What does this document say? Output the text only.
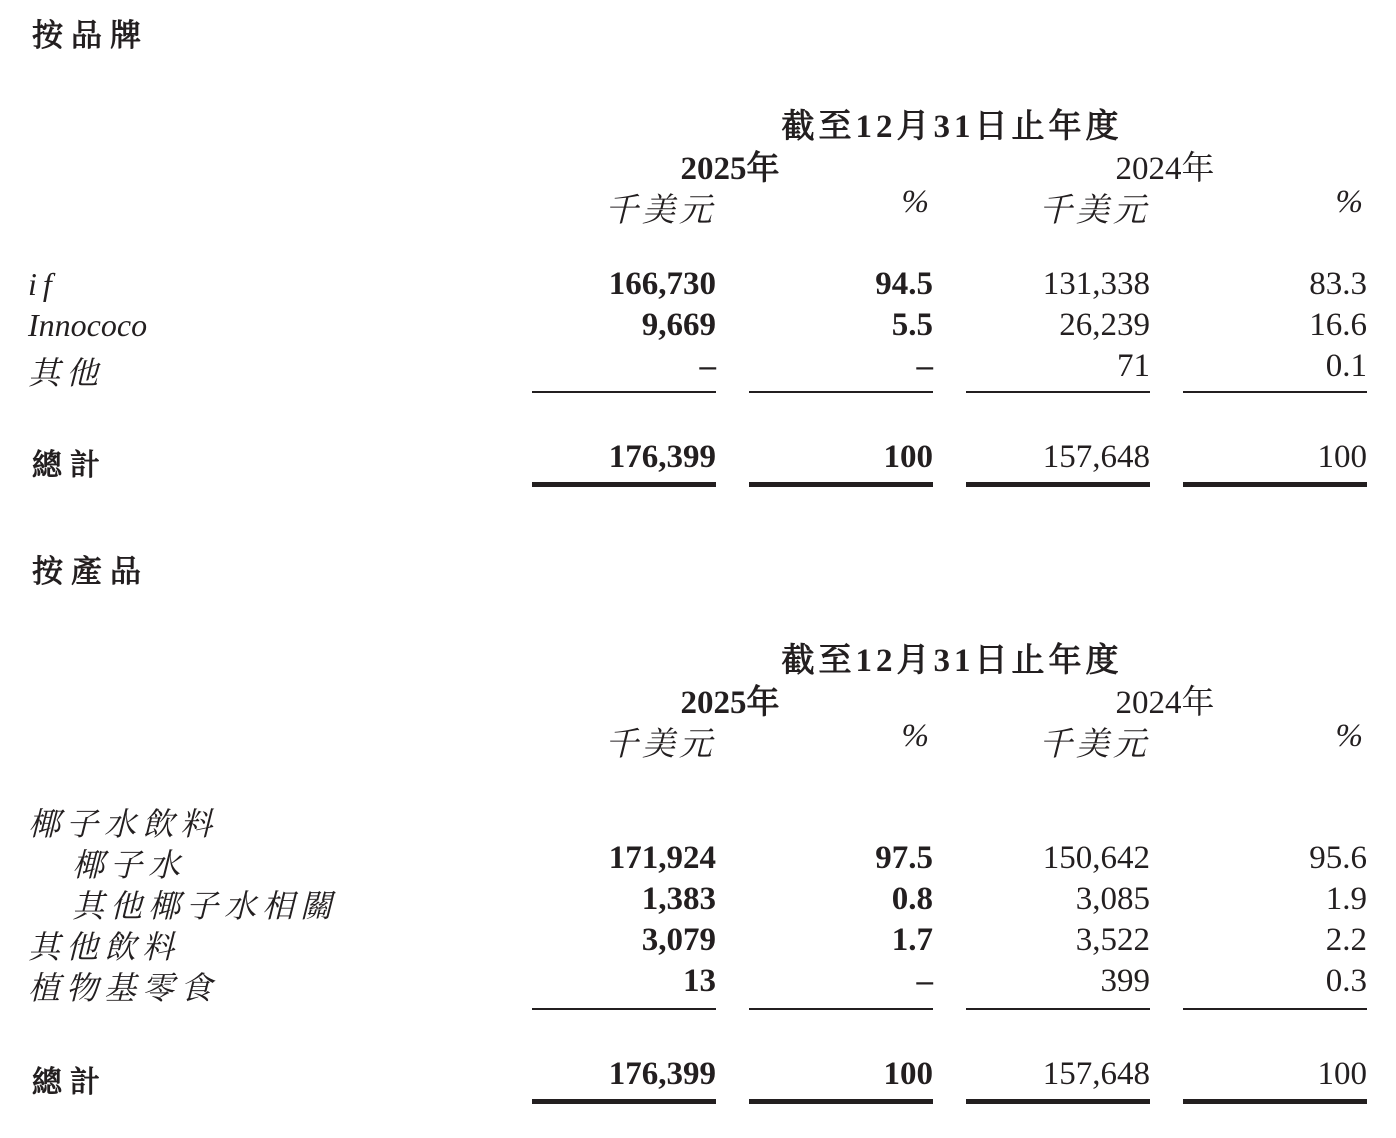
按品牌
截至12月31日止年度
2025年	2024年
千美元	%	千美元	%
if	166,730	94.5	131,338	83.3
Innococo	9,669	5.5	26,239	16.6
其他	–	–	71	0.1
總計	176,399	100	157,648	100
按產品
截至12月31日止年度
2025年	2024年
千美元	%	千美元	%
椰子水飲料
椰子水	171,924	97.5	150,642	95.6
其他椰子水相關	1,383	0.8	3,085	1.9
其他飲料	3,079	1.7	3,522	2.2
植物基零食	13	–	399	0.3
總計	176,399	100	157,648	100
